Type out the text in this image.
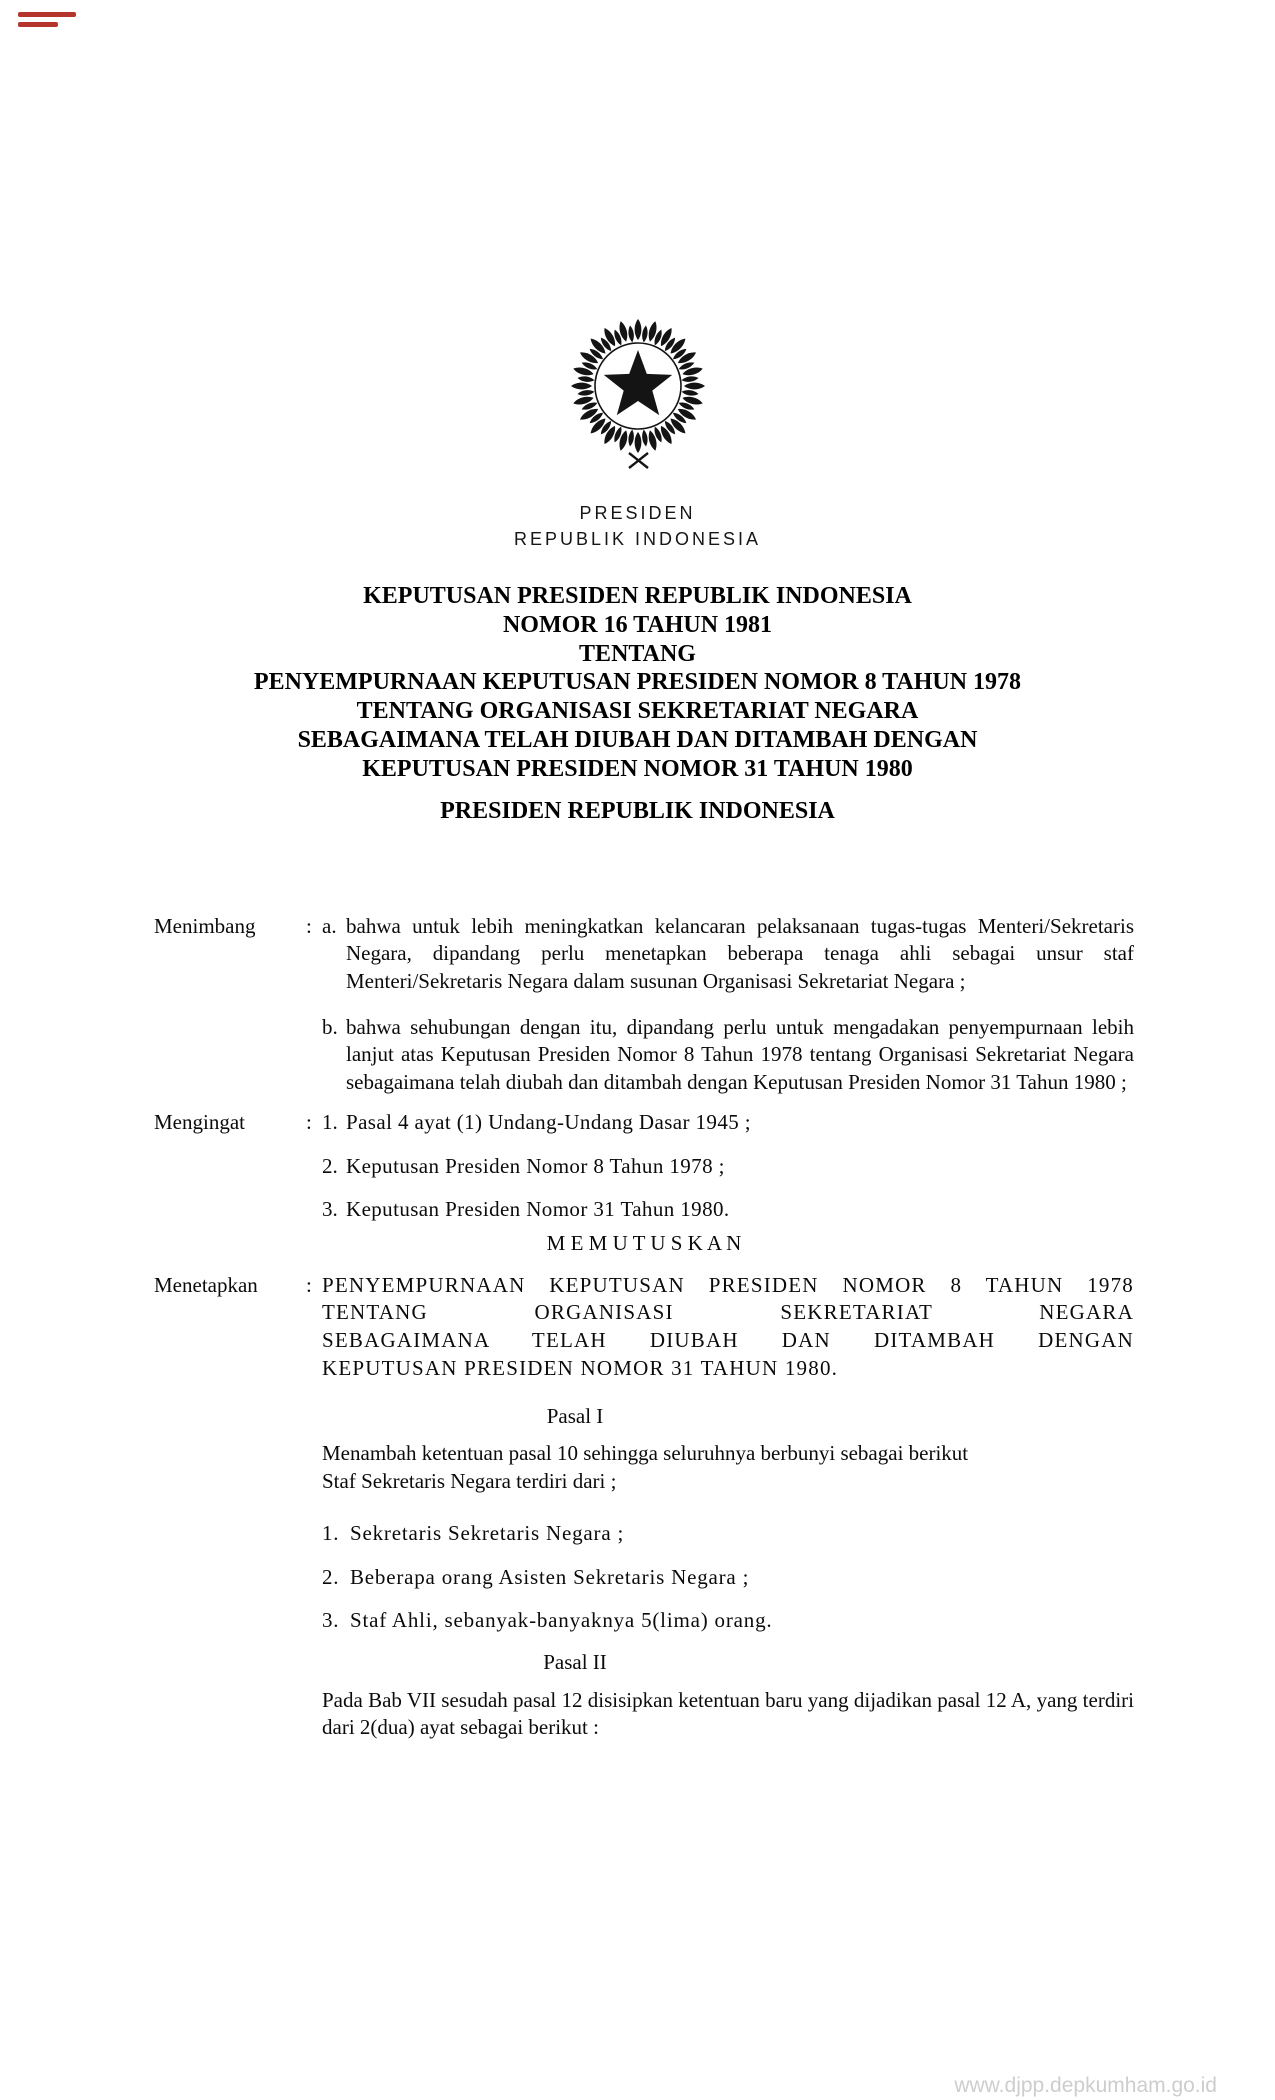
PRESIDEN
REPUBLIK INDONESIA
KEPUTUSAN PRESIDEN REPUBLIK INDONESIA
NOMOR 16 TAHUN 1981
TENTANG
PENYEMPURNAAN KEPUTUSAN PRESIDEN NOMOR 8 TAHUN 1978
TENTANG ORGANISASI SEKRETARIAT NEGARA
SEBAGAIMANA TELAH DIUBAH DAN DITAMBAH DENGAN
KEPUTUSAN PRESIDEN NOMOR 31 TAHUN 1980
PRESIDEN REPUBLIK INDONESIA
Menimbang	: a. bahwa untuk lebih meningkatkan kelancaran pelaksanaan tugas-tugas Menteri/Sekretaris Negara, dipandang perlu menetapkan beberapa tenaga ahli sebagai unsur staf Menteri/Sekretaris Negara dalam susunan Organisasi Sekretariat Negara ;
b. bahwa sehubungan dengan itu, dipandang perlu untuk mengadakan penyempurnaan lebih lanjut atas Keputusan Presiden Nomor 8 Tahun 1978 tentang Organisasi Sekretariat Negara sebagaimana telah diubah dan ditambah dengan Keputusan Presiden Nomor 31 Tahun 1980 ;
Mengingat	: 1. Pasal 4 ayat (1) Undang-Undang Dasar 1945 ;
2. Keputusan Presiden Nomor 8 Tahun 1978 ;
3. Keputusan Presiden Nomor 31 Tahun 1980.
M E M U T U S K A N
Menetapkan	: PENYEMPURNAAN KEPUTUSAN PRESIDEN NOMOR 8 TAHUN 1978
TENTANG ORGANISASI SEKRETARIAT NEGARA
SEBAGAIMANA TELAH DIUBAH DAN DITAMBAH DENGAN
KEPUTUSAN PRESIDEN NOMOR 31 TAHUN 1980.
Pasal I
Menambah ketentuan pasal 10 sehingga seluruhnya berbunyi sebagai berikut
Staf Sekretaris Negara terdiri dari ;
1. Sekretaris Sekretaris Negara ;
2. Beberapa orang Asisten Sekretaris Negara ;
3. Staf Ahli, sebanyak-banyaknya 5(lima) orang.
Pasal II
Pada Bab VII sesudah pasal 12 disisipkan ketentuan baru yang dijadikan pasal 12 A, yang terdiri dari 2(dua) ayat sebagai berikut :
www.djpp.depkumham.go.id
